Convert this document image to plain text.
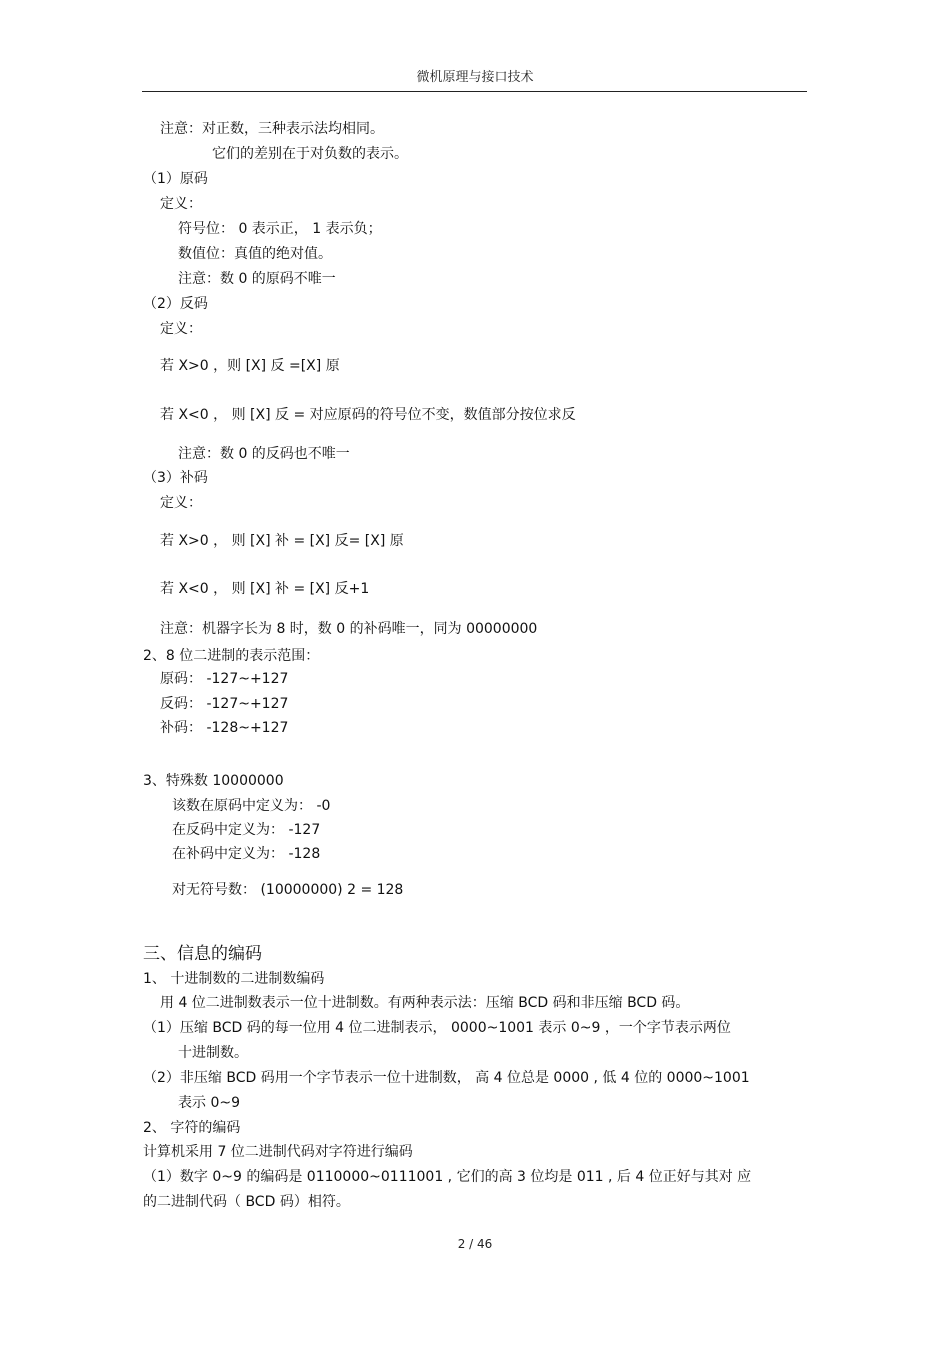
微机原理与接口技术
注意：对正数，三种表示法均相同。
它们的差别在于对负数的表示。
（1）原码
定义：
符号位： 0 表示正， 1 表示负；
数值位：真值的绝对值。
注意：数 0 的原码不唯一
（2）反码
定义：
若 X>0 ，则 [X] 反 =[X] 原
若 X<0 ， 则 [X] 反 = 对应原码的符号位不变，数值部分按位求反
注意：数 0 的反码也不唯一
（3）补码
定义：
若 X>0 ， 则 [X] 补 = [X] 反= [X] 原
若 X<0 ， 则 [X] 补 = [X] 反+1
注意：机器字长为 8 时，数 0 的补码唯一，同为 00000000
2、8 位二进制的表示范围：
原码： -127~+127
反码： -127~+127
补码： -128~+127
3、特殊数 10000000
该数在原码中定义为： -0
在反码中定义为： -127
在补码中定义为： -128
对无符号数： (10000000) 2 = 128
三、信息的编码
1、 十进制数的二进制数编码
用 4 位二进制数表示一位十进制数。有两种表示法：压缩 BCD 码和非压缩 BCD 码。
（1）压缩 BCD 码的每一位用 4 位二进制表示， 0000~1001 表示 0~9 ，一个字节表示两位
十进制数。
（2）非压缩 BCD 码用一个字节表示一位十进制数， 高 4 位总是 0000 , 低 4 位的 0000~1001
表示 0~9
2、 字符的编码
计算机采用 7 位二进制代码对字符进行编码
（1）数字 0~9 的编码是 0110000~0111001 , 它们的高 3 位均是 011 , 后 4 位正好与其对 应
的二进制代码（ BCD 码）相符。
2 / 46
